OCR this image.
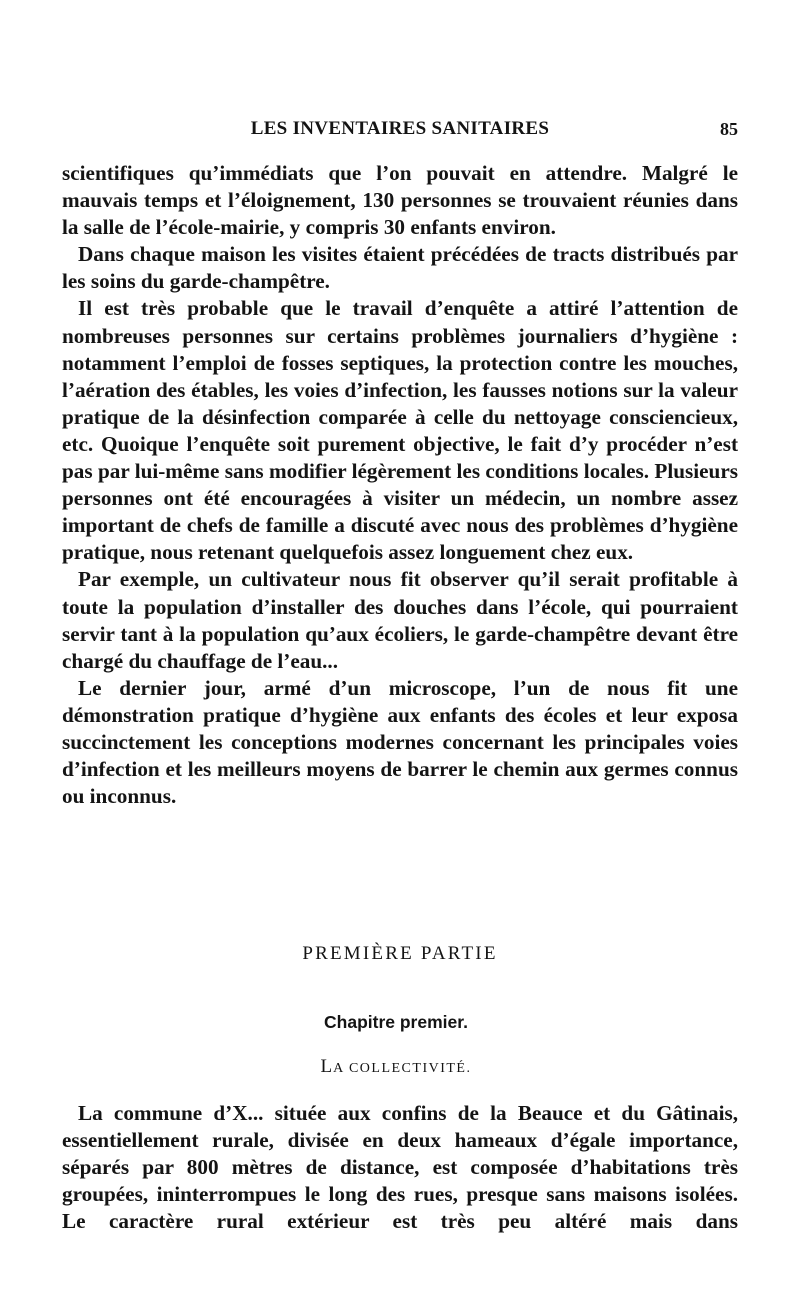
LES INVENTAIRES SANITAIRES	85

scientifiques qu’immédiats que l’on pouvait en attendre. Malgré le mauvais temps et l’éloignement, 130 personnes se trouvaient réunies dans la salle de l’école-mairie, y compris 30 enfants environ.

Dans chaque maison les visites étaient précédées de tracts distribués par les soins du garde-champêtre.

Il est très probable que le travail d’enquête a attiré l’attention de nombreuses personnes sur certains problèmes journaliers d’hygiène : notamment l’emploi de fosses septiques, la protection contre les mouches, l’aération des étables, les voies d’infection, les fausses notions sur la valeur pratique de la désinfection comparée à celle du nettoyage consciencieux, etc. Quoique l’enquête soit purement objective, le fait d’y procéder n’est pas par lui-même sans modifier légèrement les conditions locales. Plusieurs personnes ont été encouragées à visiter un médecin, un nombre assez important de chefs de famille a discuté avec nous des problèmes d’hygiène pratique, nous retenant quelquefois assez longuement chez eux.

Par exemple, un cultivateur nous fit observer qu’il serait profitable à toute la population d’installer des douches dans l’école, qui pourraient servir tant à la population qu’aux écoliers, le garde-champêtre devant être chargé du chauffage de l’eau...

Le dernier jour, armé d’un microscope, l’un de nous fit une démonstration pratique d’hygiène aux enfants des écoles et leur exposa succinctement les conceptions modernes concernant les principales voies d’infection et les meilleurs moyens de barrer le chemin aux germes connus ou inconnus.

PREMIÈRE PARTIE
Chapitre premier.
LA COLLECTIVITÉ.

La commune d’X... située aux confins de la Beauce et du Gâtinais, essentiellement rurale, divisée en deux hameaux d’égale importance, séparés par 800 mètres de distance, est composée d’habitations très groupées, ininterrompues le long des rues, presque sans maisons isolées. Le caractère rural extérieur est très peu altéré mais dans
